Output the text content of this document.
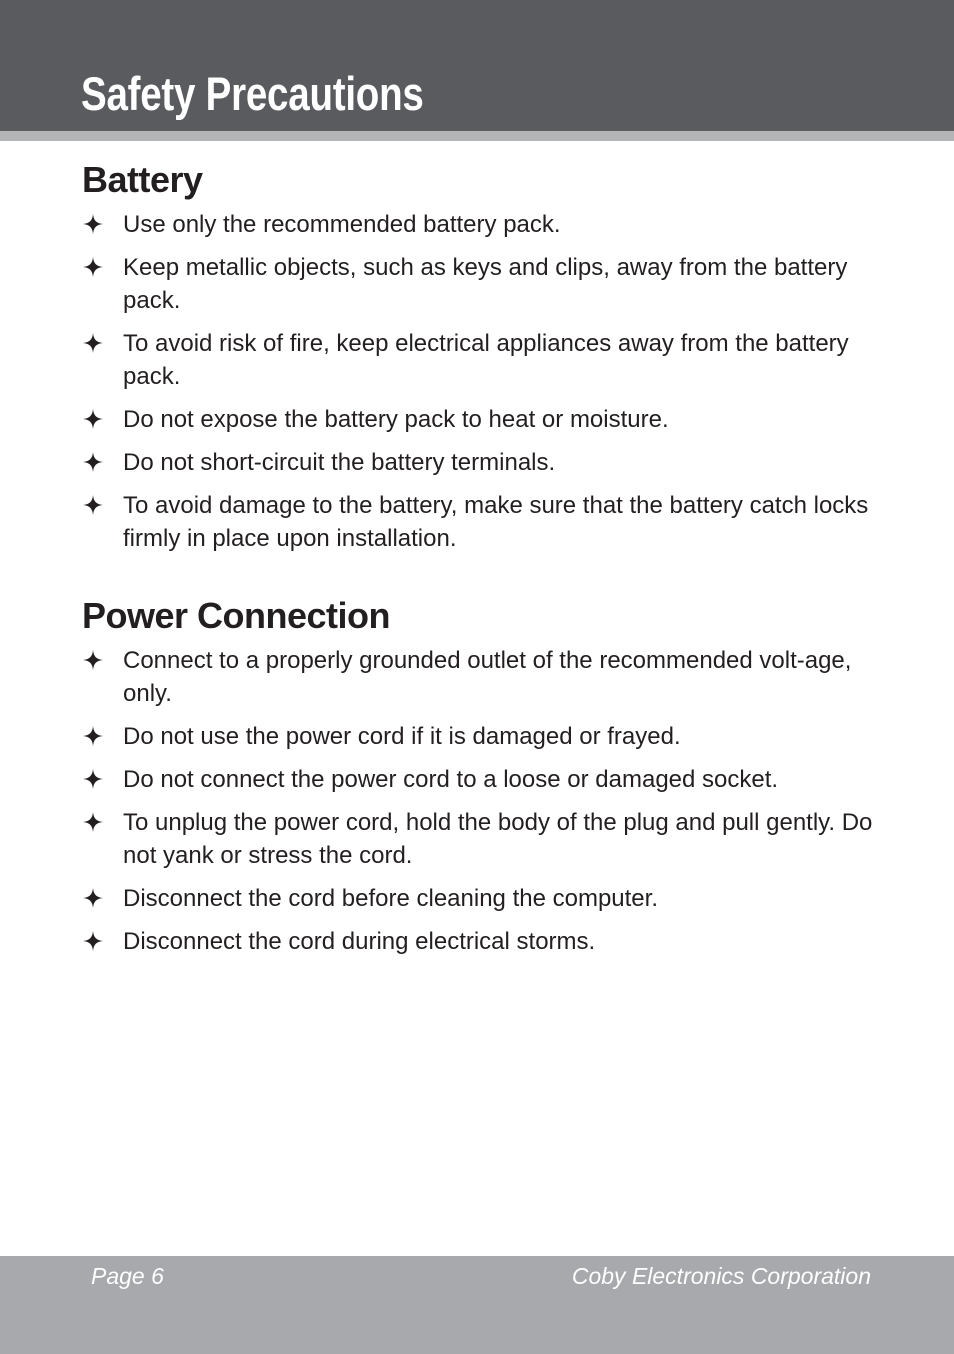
Safety Precautions
Battery
Use only the recommended battery pack.
Keep metallic objects, such as keys and clips, away from the battery pack.
To avoid risk of fire, keep electrical appliances away from the battery pack.
Do not expose the battery pack to heat or moisture.
Do not short-circuit the battery terminals.
To avoid damage to the battery, make sure that the battery catch locks firmly in place upon installation.
Power Connection
Connect to a properly grounded outlet of the recommended volt-age, only.
Do not use the power cord if it is damaged or frayed.
Do not connect the power cord to a loose or damaged socket.
To unplug the power cord, hold the body of the plug and pull gently. Do not yank or stress the cord.
Disconnect the cord before cleaning the computer.
Disconnect the cord during electrical storms.
Page 6	Coby Electronics Corporation
